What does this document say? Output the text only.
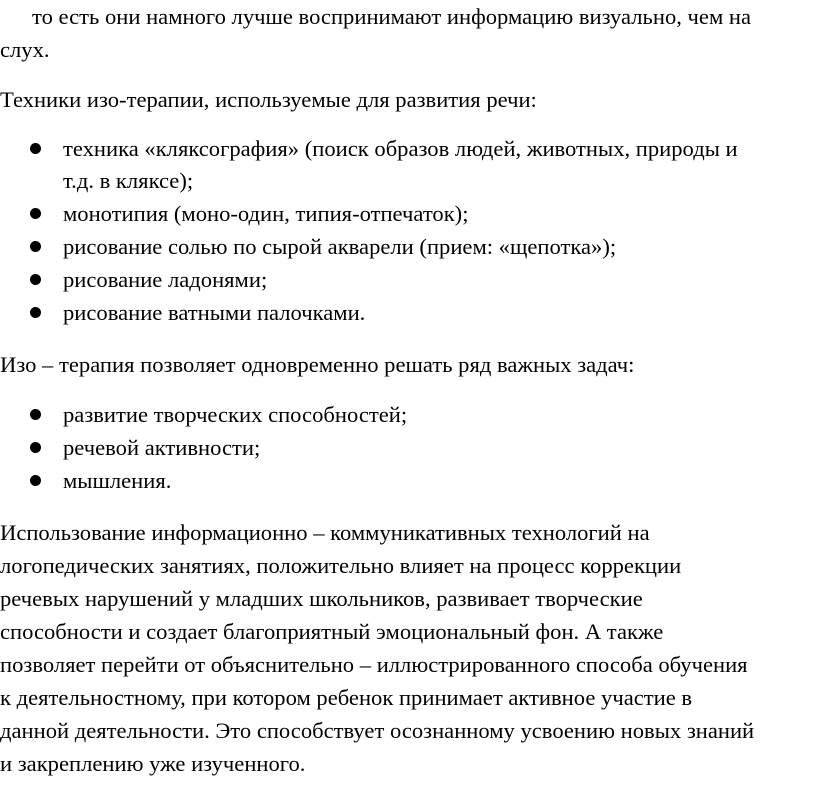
то есть они намного лучше воспринимают информацию визуально, чем на
слух.
Техники изо-терапии, используемые для развития речи:
техника «кляксография» (поиск образов людей, животных, природы и
т.д. в кляксе);
монотипия (моно-один, типия-отпечаток);
рисование солью по сырой акварели (прием: «щепотка»);
рисование ладонями;
рисование ватными палочками.
Изо – терапия позволяет одновременно решать ряд важных задач:
развитие творческих способностей;
речевой активности;
мышления.
Использование информационно – коммуникативных технологий на
логопедических занятиях, положительно влияет на процесс коррекции
речевых нарушений у младших школьников, развивает творческие
способности и создает благоприятный эмоциональный фон. А также
позволяет перейти от объяснительно – иллюстрированного способа обучения
к деятельностному, при котором ребенок принимает активное участие в
данной деятельности. Это способствует осознанному усвоению новых знаний
и закреплению уже изученного.
